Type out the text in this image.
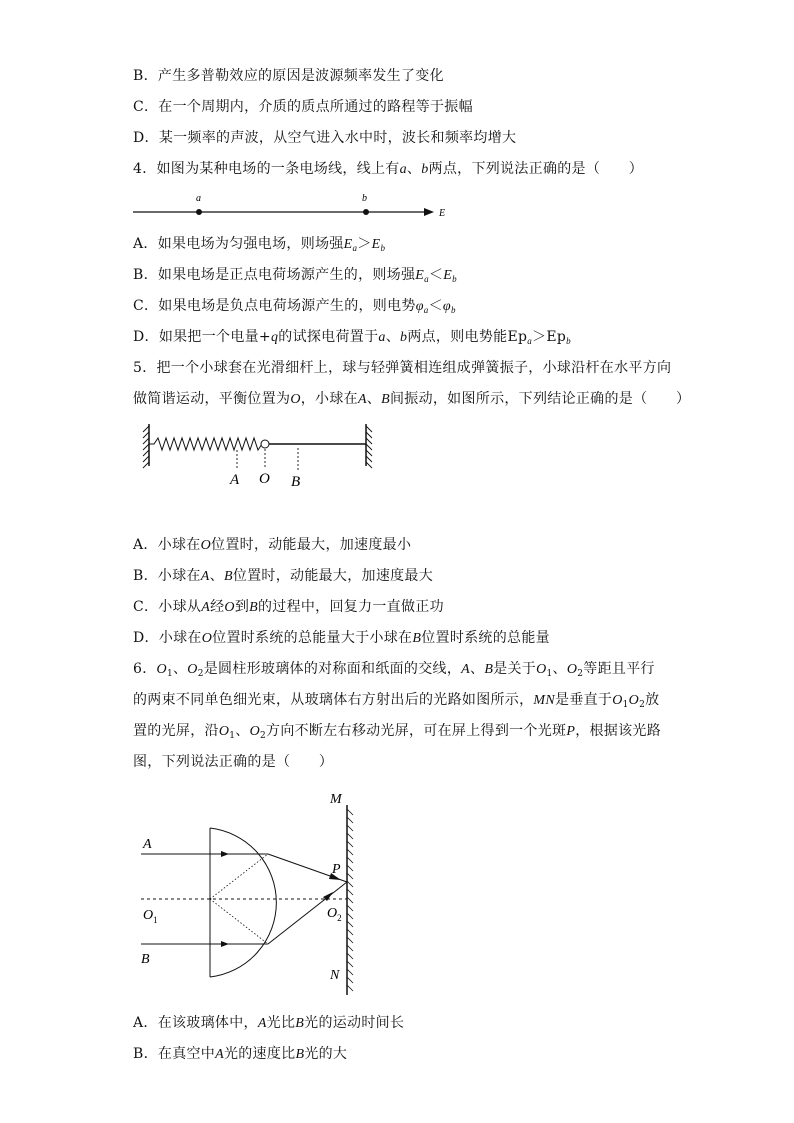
B．产生多普勒效应的原因是波源频率发生了变化
C．在一个周期内，介质的质点所通过的路程等于振幅
D．某一频率的声波，从空气进入水中时，波长和频率均增大
4．如图为某种电场的一条电场线，线上有a、b两点，下列说法正确的是（　　）
a	b
E
A．如果电场为匀强电场，则场强$E_a>E_b$
B．如果电场是正点电荷场源产生的，则场强$E_a<E_b$
C．如果电场是负点电荷场源产生的，则电势$\varphi_a<\varphi_b$
D．如果把一个电量+q的试探电荷置于a、b两点，则电势能$Ep_a>Ep_b$
5．把一个小球套在光滑细杆上，球与轻弹簧相连组成弹簧振子，小球沿杆在水平方向
做简谐运动，平衡位置为O，小球在A、B间振动，如图所示，下列结论正确的是（　　）
A O B
A．小球在O位置时，动能最大，加速度最小
B．小球在A、B位置时，动能最大，加速度最大
C．小球从A经O到B的过程中，回复力一直做正功
D．小球在O位置时系统的总能量大于小球在B位置时系统的总能量
6．$O_1$、$O_2$是圆柱形玻璃体的对称面和纸面的交线，A、B是关于$O_1$、$O_2$等距且平行
的两束不同单色细光束，从玻璃体右方射出后的光路如图所示，MN是垂直于$O_1O_2$放
置的光屏，沿$O_1$、$O_2$方向不断左右移动光屏，可在屏上得到一个光斑P，根据该光路
图，下列说法正确的是（　　）
M
N
$O_1$	$O_2$
A
B
P
A．在该玻璃体中，A光比B光的运动时间长
B．在真空中A光的速度比B光的大
